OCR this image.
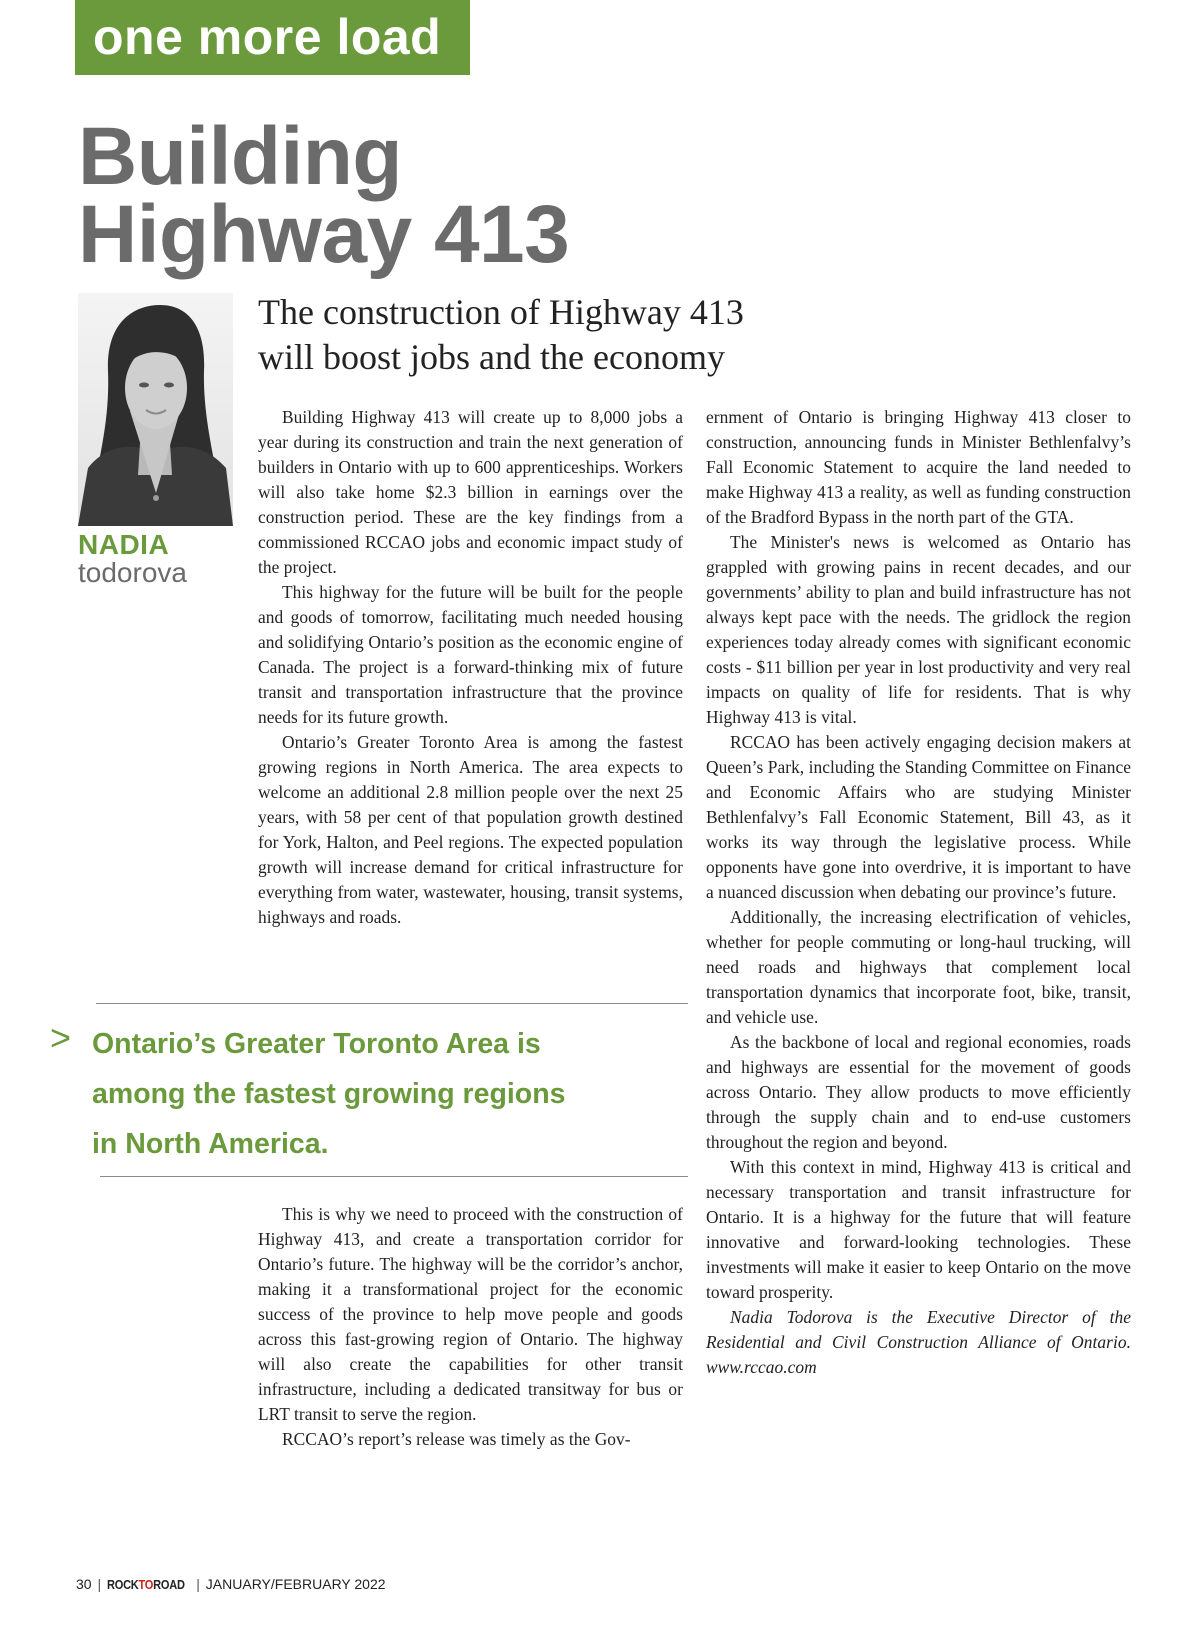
one more load
Building
Highway 413

NADIA

todorova

The construction of Highway 413
will boost jobs and the economy

Building Highway 413 will create up to 8,000 jobs a year during its construction and train the next generation of builders in Ontario with up to 600 apprenticeships. Workers will also take home $2.3 billion in earnings over the construction period. These are the key findings from a commissioned RCCAO jobs and economic impact study of the project.

This highway for the future will be built for the people and goods of tomorrow, facilitating much needed housing and solidifying Ontario’s position as the economic engine of Canada. The project is a forward-thinking mix of future transit and transportation infrastructure that the province needs for its future growth.

Ontario’s Greater Toronto Area is among the fastest growing regions in North America. The area expects to welcome an additional 2.8 million people over the next 25 years, with 58 per cent of that population growth destined for York, Halton, and Peel regions. The expected population growth will increase demand for critical infrastructure for everything from water, wastewater, housing, transit systems, highways and roads.

> Ontario’s Greater Toronto Area is
among the fastest growing regions
in North America.

This is why we need to proceed with the construction of Highway 413, and create a transportation corridor for Ontario’s future. The highway will be the corridor’s anchor, making it a transformational project for the economic success of the province to help move people and goods across this fast-growing region of Ontario. The highway will also create the capabilities for other transit infrastructure, including a dedicated transitway for bus or LRT transit to serve the region.

RCCAO’s report’s release was timely as the Gov-

ernment of Ontario is bringing Highway 413 closer to construction, announcing funds in Minister Bethlenfalvy’s Fall Economic Statement to acquire the land needed to make Highway 413 a reality, as well as funding construction of the Bradford Bypass in the north part of the GTA.

The Minister's news is welcomed as Ontario has grappled with growing pains in recent decades, and our governments’ ability to plan and build infrastructure has not always kept pace with the needs. The gridlock the region experiences today already comes with significant economic costs - $11 billion per year in lost productivity and very real impacts on quality of life for residents. That is why Highway 413 is vital.

RCCAO has been actively engaging decision makers at Queen’s Park, including the Standing Committee on Finance and Economic Affairs who are studying Minister Bethlenfalvy’s Fall Economic Statement, Bill 43, as it works its way through the legislative process. While opponents have gone into overdrive, it is important to have a nuanced discussion when debating our province’s future.

Additionally, the increasing electrification of vehicles, whether for people commuting or long-haul trucking, will need roads and highways that complement local transportation dynamics that incorporate foot, bike, transit, and vehicle use.

As the backbone of local and regional economies, roads and highways are essential for the movement of goods across Ontario. They allow products to move efficiently through the supply chain and to end-use customers throughout the region and beyond.

With this context in mind, Highway 413 is critical and necessary transportation and transit infrastructure for Ontario. It is a highway for the future that will feature innovative and forward-looking technologies. These investments will make it easier to keep Ontario on the move toward prosperity.

Nadia Todorova is the Executive Director of the Residential and Civil Construction Alliance of Ontario. www.rccao.com

30 | ROCKTOROAD | JANUARY/FEBRUARY 2022
